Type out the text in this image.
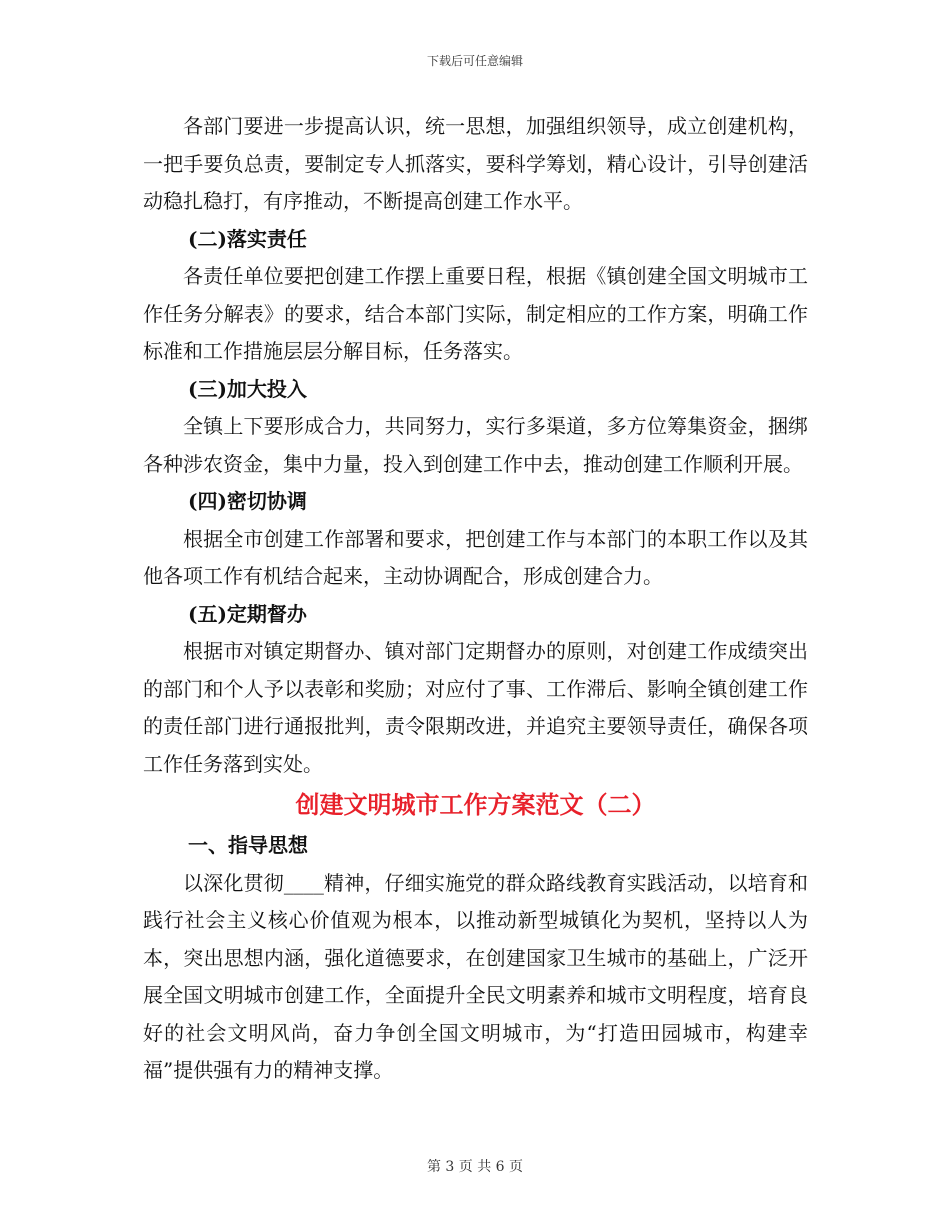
下载后可任意编辑

各部门要进一步提高认识，统一思想，加强组织领导，成立创建机构，一把手要负总责，要制定专人抓落实，要科学筹划，精心设计，引导创建活动稳扎稳打，有序推动，不断提高创建工作水平。

(二)落实责任

各责任单位要把创建工作摆上重要日程，根据《镇创建全国文明城市工作任务分解表》的要求，结合本部门实际，制定相应的工作方案，明确工作标准和工作措施层层分解目标，任务落实。

(三)加大投入

全镇上下要形成合力，共同努力，实行多渠道，多方位筹集资金，捆绑各种涉农资金，集中力量，投入到创建工作中去，推动创建工作顺利开展。

(四)密切协调

根据全市创建工作部署和要求，把创建工作与本部门的本职工作以及其他各项工作有机结合起来，主动协调配合，形成创建合力。

(五)定期督办

根据市对镇定期督办、镇对部门定期督办的原则，对创建工作成绩突出的部门和个人予以表彰和奖励；对应付了事、工作滞后、影响全镇创建工作的责任部门进行通报批判，责令限期改进，并追究主要领导责任，确保各项工作任务落到实处。

创建文明城市工作方案范文（二）

一、指导思想

以深化贯彻____精神，仔细实施党的群众路线教育实践活动，以培育和践行社会主义核心价值观为根本，以推动新型城镇化为契机，坚持以人为本，突出思想内涵，强化道德要求，在创建国家卫生城市的基础上，广泛开展全国文明城市创建工作，全面提升全民文明素养和城市文明程度，培育良好的社会文明风尚，奋力争创全国文明城市，为“打造田园城市，构建幸福”提供强有力的精神支撑。

第 3 页 共 6 页
